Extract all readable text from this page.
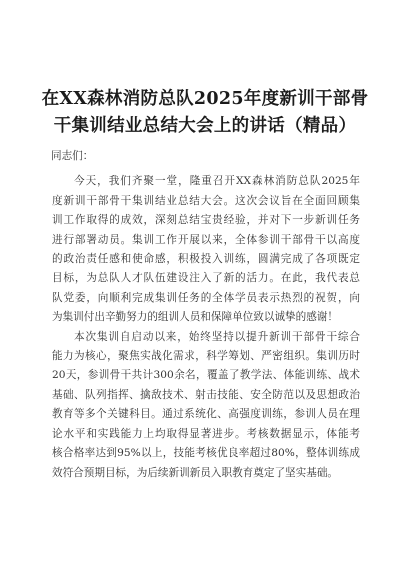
在XX森林消防总队2025年度新训干部骨
干集训结业总结大会上的讲话（精品）
同志们：
今天，我们齐聚一堂，隆重召开XX森林消防总队2025年
度新训干部骨干集训结业总结大会。这次会议旨在全面回顾集
训工作取得的成效，深刻总结宝贵经验，并对下一步新训任务
进行部署动员。集训工作开展以来，全体参训干部骨干以高度
的政治责任感和使命感，积极投入训练，圆满完成了各项既定
目标，为总队人才队伍建设注入了新的活力。在此，我代表总
队党委，向顺利完成集训任务的全体学员表示热烈的祝贺，向
为集训付出辛勤努力的组训人员和保障单位致以诚挚的感谢！
本次集训自启动以来，始终坚持以提升新训干部骨干综合
能力为核心，聚焦实战化需求，科学筹划、严密组织。集训历时
20天，参训骨干共计300余名，覆盖了教学法、体能训练、战术
基础、队列指挥、擒敌技术、射击技能、安全防范以及思想政治
教育等多个关键科目。通过系统化、高强度训练，参训人员在理
论水平和实践能力上均取得显著进步。考核数据显示，体能考
核合格率达到95%以上，技能考核优良率超过80%，整体训练成
效符合预期目标，为后续新训新员入职教育奠定了坚实基础。
